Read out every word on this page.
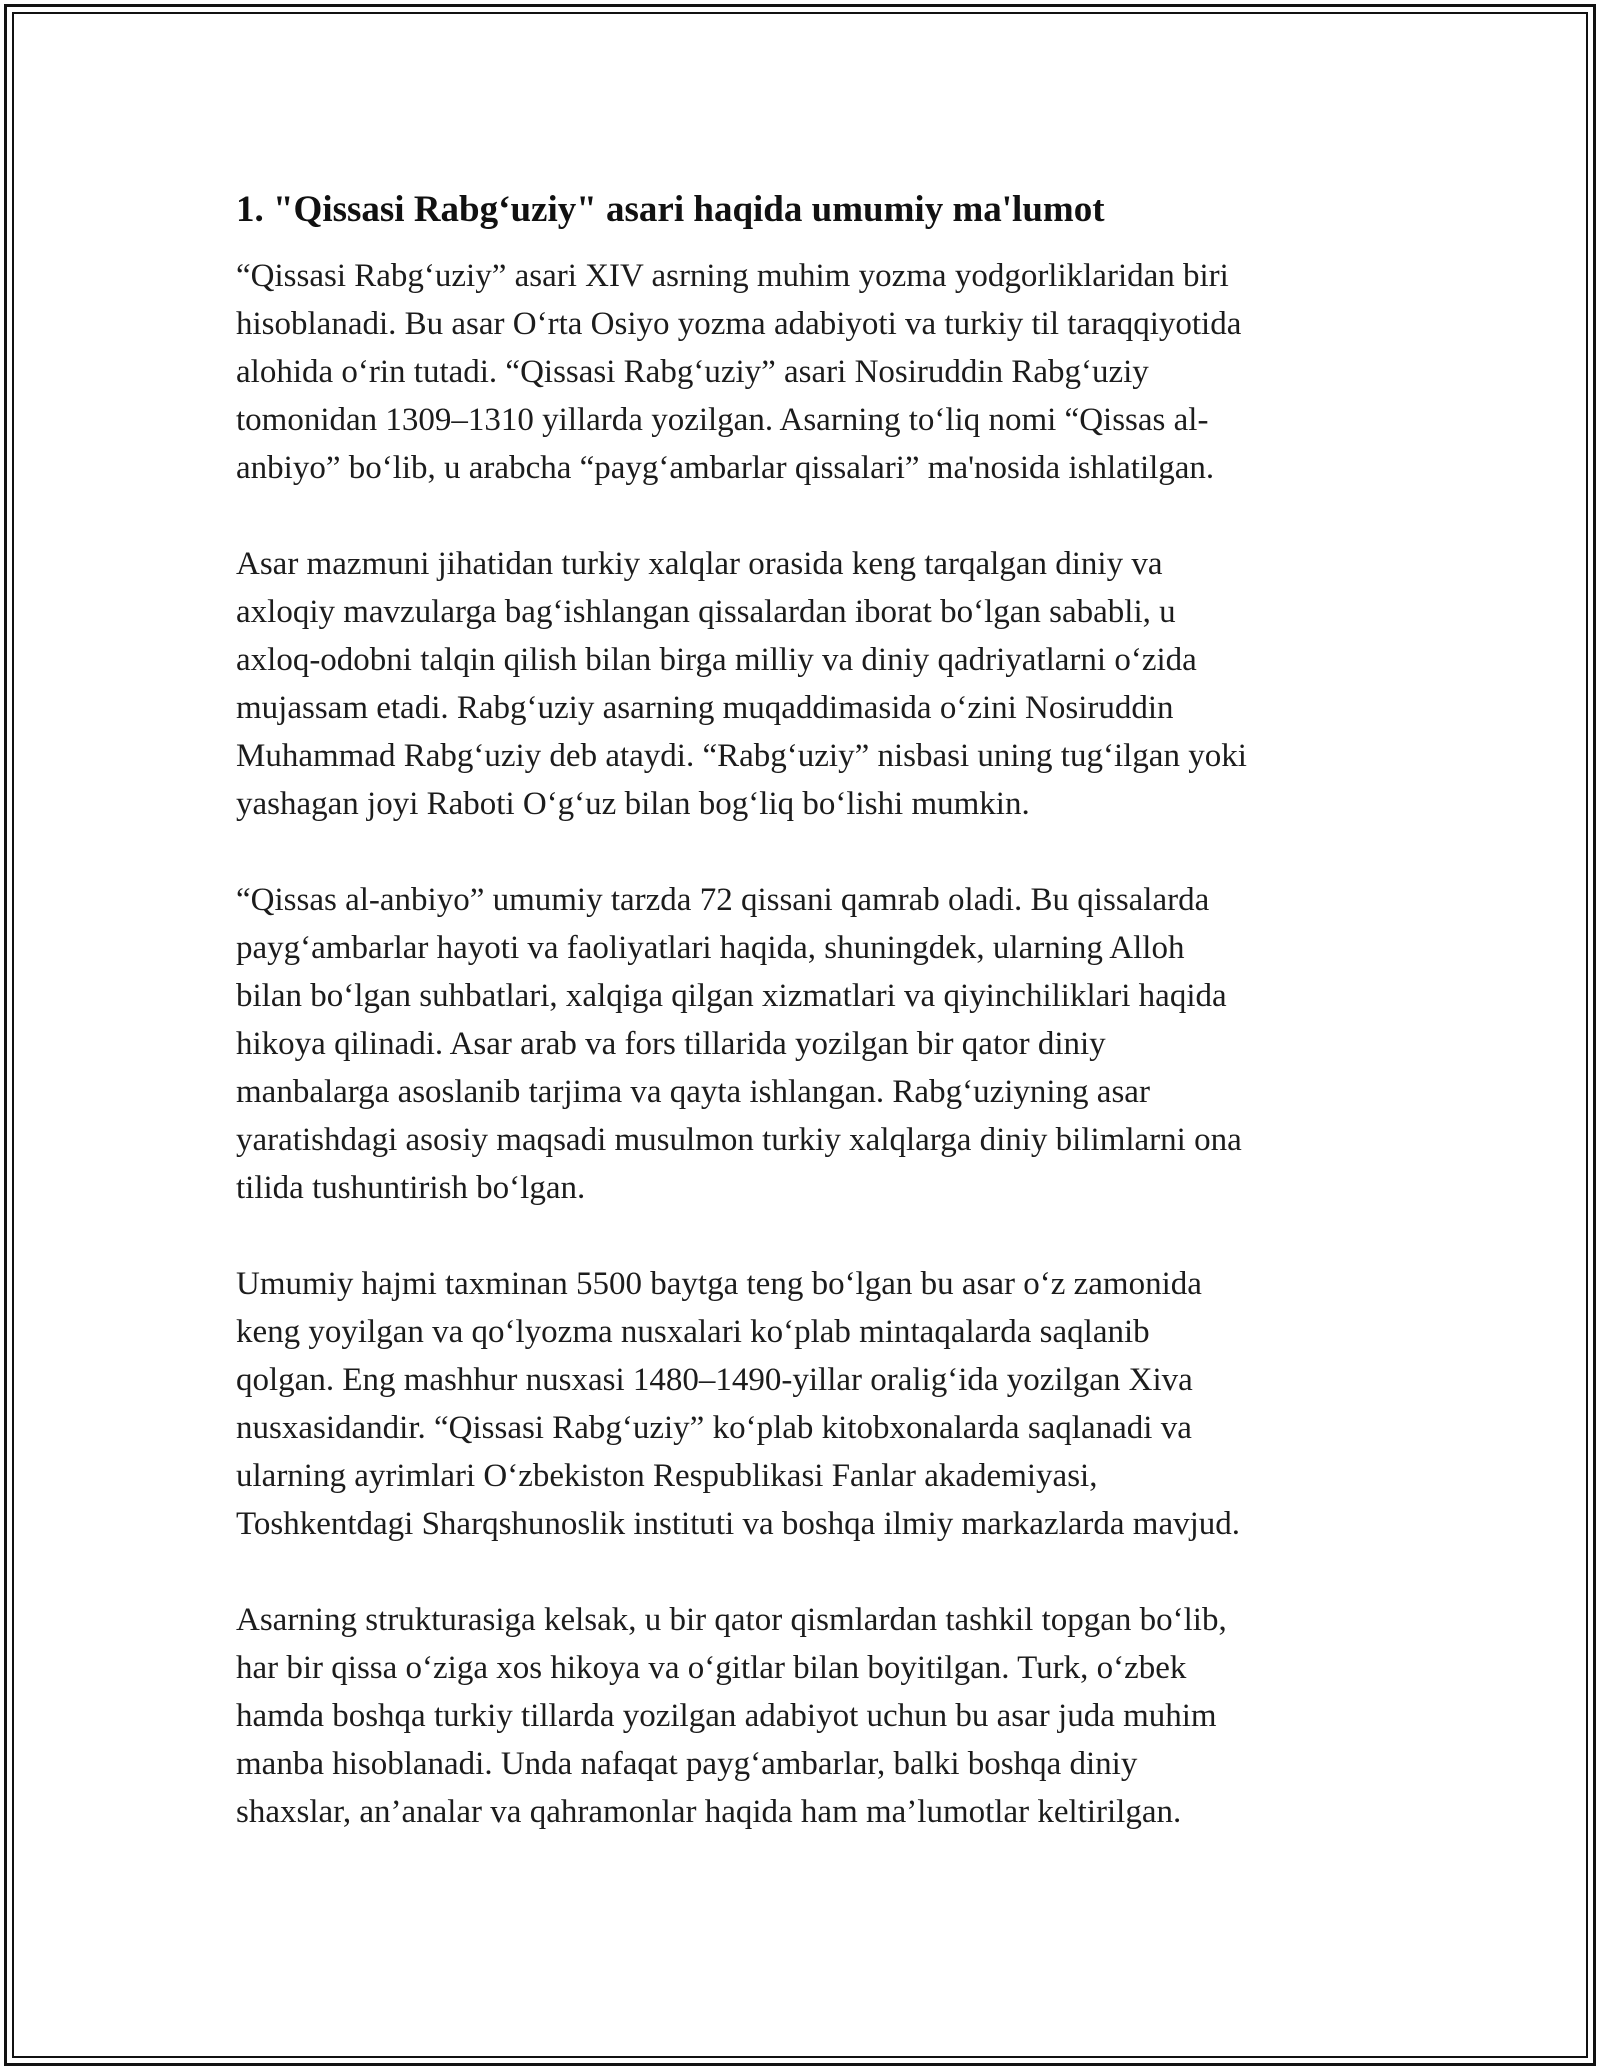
1. "Qissasi Rabg‘uziy" asari haqida umumiy ma'lumot

“Qissasi Rabg‘uziy” asari XIV asrning muhim yozma yodgorliklaridan biri
hisoblanadi. Bu asar O‘rta Osiyo yozma adabiyoti va turkiy til taraqqiyotida
alohida o‘rin tutadi. “Qissasi Rabg‘uziy” asari Nosiruddin Rabg‘uziy
tomonidan 1309–1310 yillarda yozilgan. Asarning to‘liq nomi “Qissas al-
anbiyo” bo‘lib, u arabcha “payg‘ambarlar qissalari” ma'nosida ishlatilgan.

Asar mazmuni jihatidan turkiy xalqlar orasida keng tarqalgan diniy va
axloqiy mavzularga bag‘ishlangan qissalardan iborat bo‘lgan sababli, u
axloq-odobni talqin qilish bilan birga milliy va diniy qadriyatlarni o‘zida
mujassam etadi. Rabg‘uziy asarning muqaddimasida o‘zini Nosiruddin
Muhammad Rabg‘uziy deb ataydi. “Rabg‘uziy” nisbasi uning tug‘ilgan yoki
yashagan joyi Raboti O‘g‘uz bilan bog‘liq bo‘lishi mumkin.

“Qissas al-anbiyo” umumiy tarzda 72 qissani qamrab oladi. Bu qissalarda
payg‘ambarlar hayoti va faoliyatlari haqida, shuningdek, ularning Alloh
bilan bo‘lgan suhbatlari, xalqiga qilgan xizmatlari va qiyinchiliklari haqida
hikoya qilinadi. Asar arab va fors tillarida yozilgan bir qator diniy
manbalarga asoslanib tarjima va qayta ishlangan. Rabg‘uziyning asar
yaratishdagi asosiy maqsadi musulmon turkiy xalqlarga diniy bilimlarni ona
tilida tushuntirish bo‘lgan.

Umumiy hajmi taxminan 5500 baytga teng bo‘lgan bu asar o‘z zamonida
keng yoyilgan va qo‘lyozma nusxalari ko‘plab mintaqalarda saqlanib
qolgan. Eng mashhur nusxasi 1480–1490-yillar oralig‘ida yozilgan Xiva
nusxasidandir. “Qissasi Rabg‘uziy” ko‘plab kitobxonalarda saqlanadi va
ularning ayrimlari O‘zbekiston Respublikasi Fanlar akademiyasi,
Toshkentdagi Sharqshunoslik instituti va boshqa ilmiy markazlarda mavjud.

Asarning strukturasiga kelsak, u bir qator qismlardan tashkil topgan bo‘lib,
har bir qissa o‘ziga xos hikoya va o‘gitlar bilan boyitilgan. Turk, o‘zbek
hamda boshqa turkiy tillarda yozilgan adabiyot uchun bu asar juda muhim
manba hisoblanadi. Unda nafaqat payg‘ambarlar, balki boshqa diniy
shaxslar, an’analar va qahramonlar haqida ham ma’lumotlar keltirilgan.
